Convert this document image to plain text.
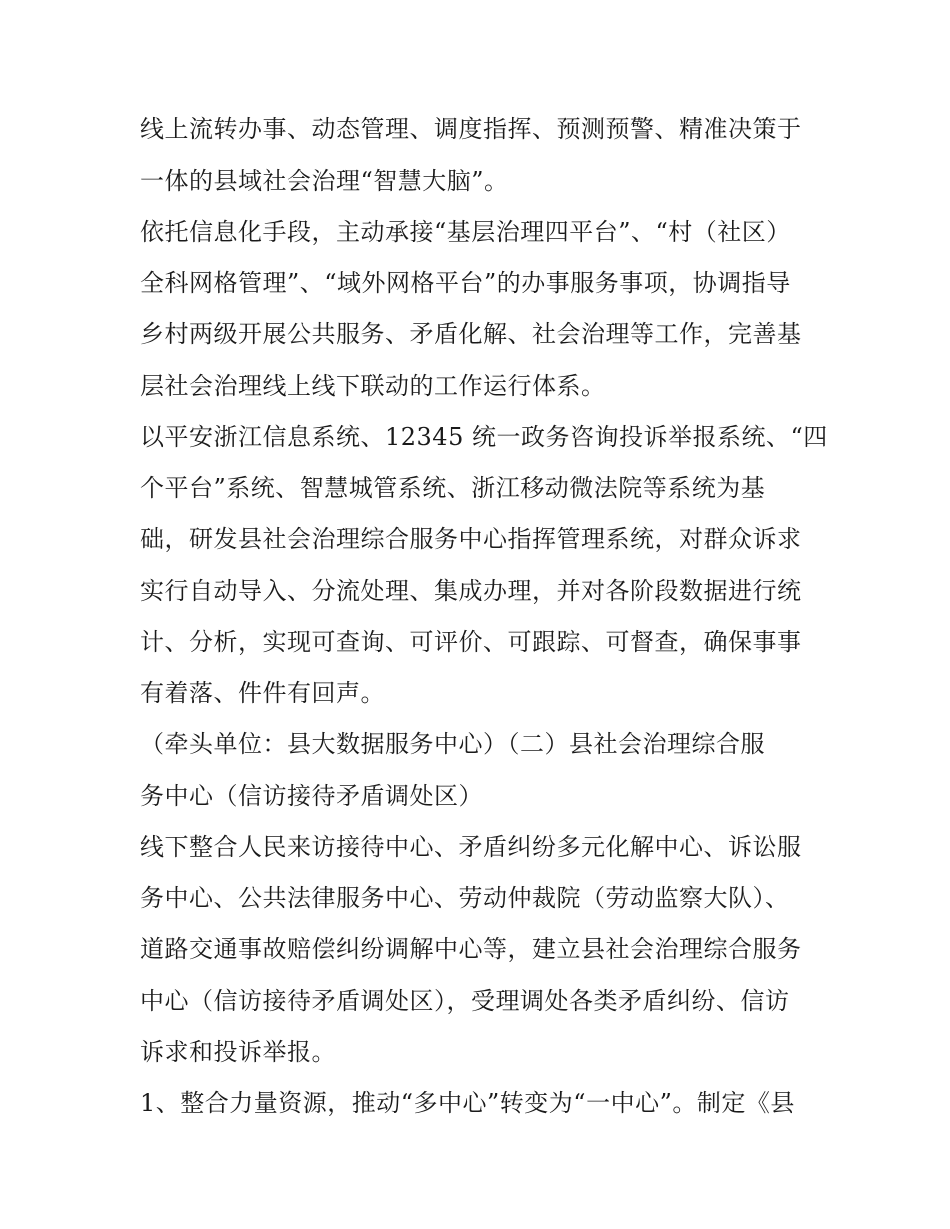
线上流转办事、动态管理、调度指挥、预测预警、精准决策于
一体的县域社会治理“智慧大脑”。
依托信息化手段，主动承接“基层治理四平台”、“村（社区）
全科网格管理”、“域外网格平台”的办事服务事项，协调指导
乡村两级开展公共服务、矛盾化解、社会治理等工作，完善基
层社会治理线上线下联动的工作运行体系。
以平安浙江信息系统、12345 统一政务咨询投诉举报系统、“四
个平台”系统、智慧城管系统、浙江移动微法院等系统为基
础，研发县社会治理综合服务中心指挥管理系统，对群众诉求
实行自动导入、分流处理、集成办理，并对各阶段数据进行统
计、分析，实现可查询、可评价、可跟踪、可督查，确保事事
有着落、件件有回声。
（牵头单位：县大数据服务中心）（二）县社会治理综合服
务中心（信访接待矛盾调处区）
线下整合人民来访接待中心、矛盾纠纷多元化解中心、诉讼服
务中心、公共法律服务中心、劳动仲裁院（劳动监察大队）、
道路交通事故赔偿纠纷调解中心等，建立县社会治理综合服务
中心（信访接待矛盾调处区），受理调处各类矛盾纠纷、信访
诉求和投诉举报。
1、整合力量资源，推动“多中心”转变为“一中心”。制定《县
